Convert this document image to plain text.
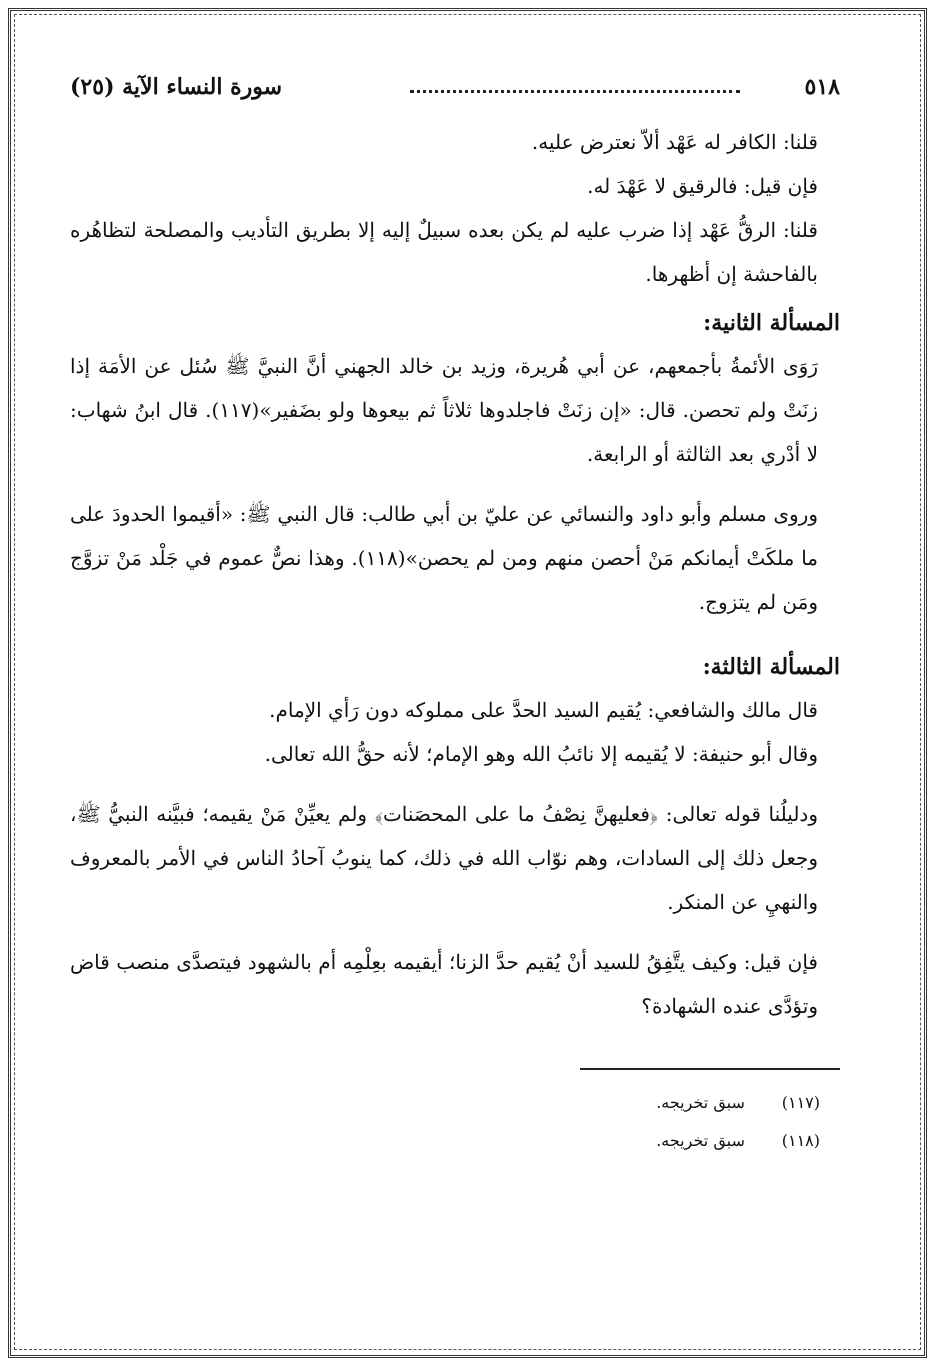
٥١٨
سورة النساء الآية (٢٥)

قلنا: الكافر له عَهْد ألاّ نعترض عليه.

فإن قيل: فالرقيق لا عَهْدَ له.

قلنا: الرقُّ عَهْد إذا ضرب عليه لم يكن بعده سبيلٌ إليه إلا بطريق التأديب والمصلحة لتظاهُره بالفاحشة إن أظهرها.

المسألة الثانية:

رَوَى الأئمةُ بأجمعهم، عن أبي هُريرة، وزيد بن خالد الجهني أنَّ النبيَّ ﷺ سُئل عن الأمَة إذا زنَتْ ولم تحصن. قال: «إن زنَتْ فاجلدوها ثلاثاً ثم بيعوها ولو بضَفير»(١١٧). قال ابنُ شهاب: لا أدْري بعد الثالثة أو الرابعة.

وروى مسلم وأبو داود والنسائي عن عليّ بن أبي طالب: قال النبي ﷺ: «أقيموا الحدودَ على ما ملكَتْ أيمانكم مَنْ أحصن منهم ومن لم يحصن»(١١٨). وهذا نصٌّ عموم في جَلْد مَنْ تزوَّج ومَن لم يتزوج.

المسألة الثالثة:

قال مالك والشافعي: يُقيم السيد الحدَّ على مملوكه دون رَأي الإمام.

وقال أبو حنيفة: لا يُقيمه إلا نائبُ الله وهو الإمام؛ لأنه حقُّ الله تعالى.

ودليلُنا قوله تعالى: ﴿فعليهنَّ نِصْفُ ما على المحصَنات﴾ ولم يعيِّنْ مَنْ يقيمه؛ فبيَّنه النبيُّ ﷺ، وجعل ذلك إلى السادات، وهم نوّاب الله في ذلك، كما ينوبُ آحادُ الناس في الأمر بالمعروف والنهيِ عن المنكر.

فإن قيل: وكيف يتَّفِقُ للسيد أنْ يُقيم حدَّ الزنا؛ أيقيمه بعِلْمِه أم بالشهود فيتصدَّى منصب قاض وتؤدَّى عنده الشهادة؟

(١١٧) سبق تخريجه.
(١١٨) سبق تخريجه.
